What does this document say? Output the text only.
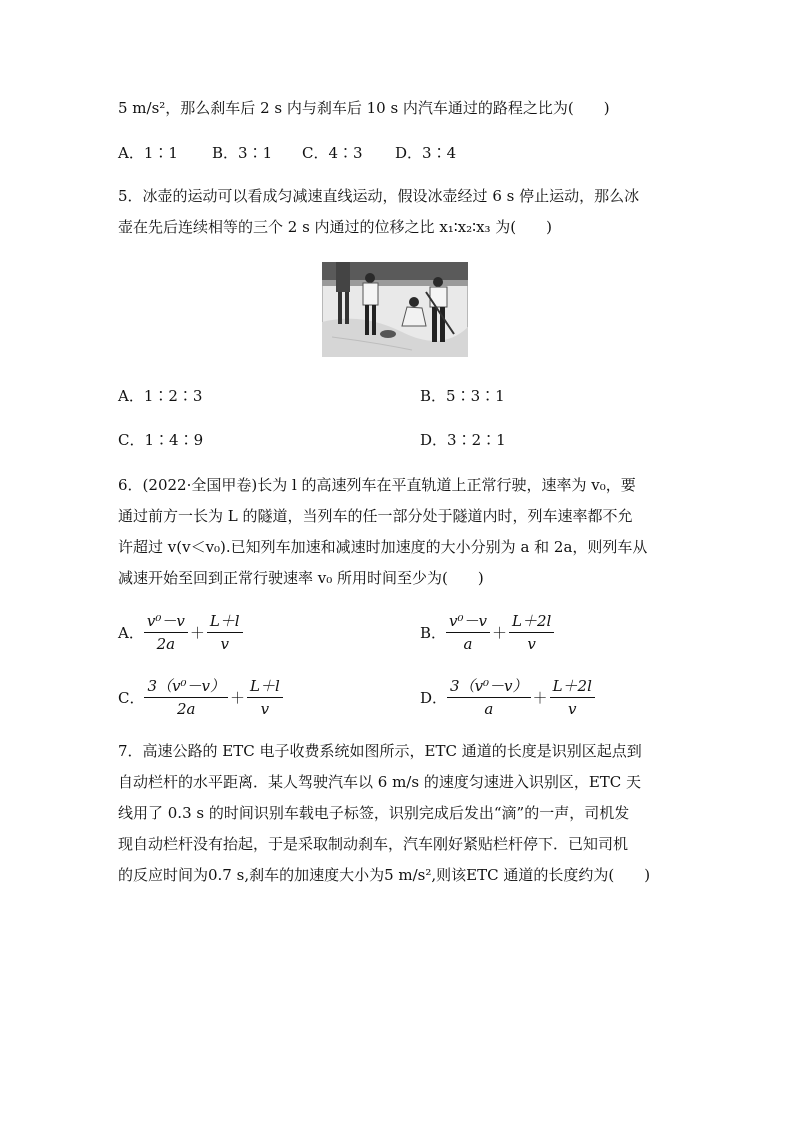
5 m/s²，那么刹车后 2 s 内与刹车后 10 s 内汽车通过的路程之比为(　　)
A．1∶1 B．3∶1 C．4∶3 D．3∶4
5．冰壶的运动可以看成匀减速直线运动，假设冰壶经过 6 s 停止运动，那么冰
壶在先后连续相等的三个 2 s 内通过的位移之比 x₁∶x₂∶x₃ 为(　　)
A．1∶2∶3	B．5∶3∶1
C．1∶4∶9	D．3∶2∶1
6．(2022·全国甲卷)长为 l 的高速列车在平直轨道上正常行驶，速率为 v₀，要
通过前方一长为 L 的隧道，当列车的任一部分处于隧道内时，列车速率都不允
许超过 v(v＜v₀).已知列车加速和减速时加速度的大小分别为 a 和 2a，则列车从
减速开始至回到正常行驶速率 v₀ 所用时间至少为(　　)
A． $\frac{\text{v⁰－v}}{2a} + \frac{L+l}{v}$	B． $\frac{\text{v⁰－v}}{a} + \frac{L+2l}{v}$
C． $\frac{\text{3（v⁰－v）}}{2a} + \frac{L+l}{v}$	D． $\frac{\text{3（v⁰－v）}}{a} + \frac{L+2l}{v}$
7．高速公路的 ETC 电子收费系统如图所示，ETC 通道的长度是识别区起点到
自动栏杆的水平距离．某人驾驶汽车以 6 m/s 的速度匀速进入识别区，ETC 天
线用了 0.3 s 的时间识别车载电子标签，识别完成后发出“滴”的一声，司机发
现自动栏杆没有抬起，于是采取制动刹车，汽车刚好紧贴栏杆停下．已知司机
的反应时间为0.7 s,刹车的加速度大小为5 m/s²,则该ETC 通道的长度约为(　　)
